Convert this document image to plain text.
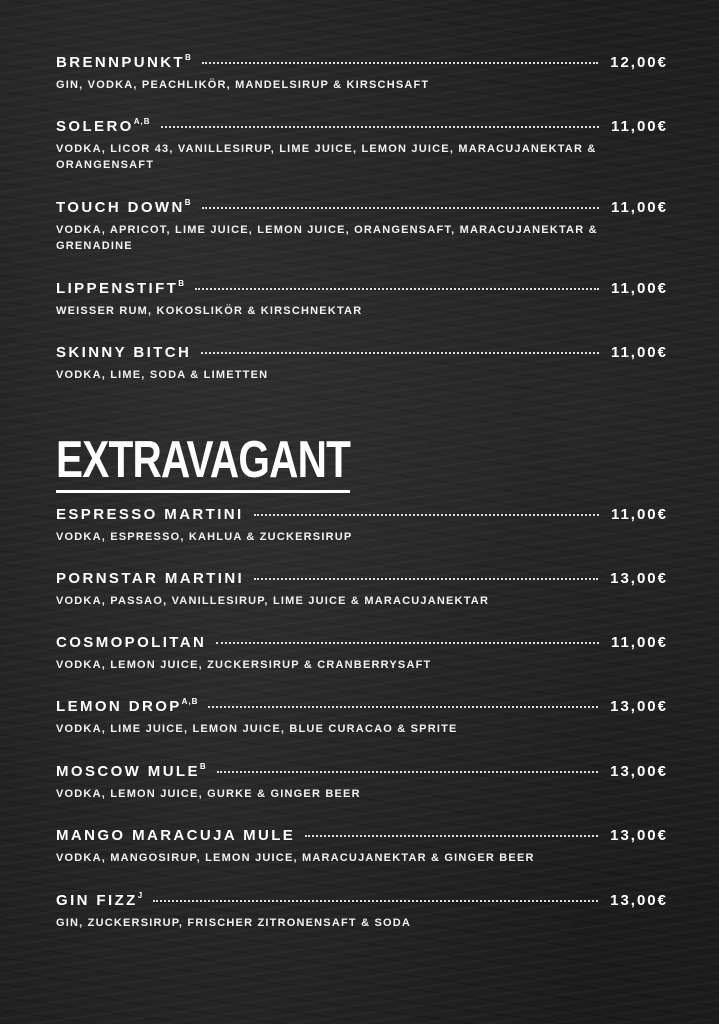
$BRENNPUNKT^B$	12,00€
GIN, VODKA, PEACHLIKÖR, MANDELSIRUP & KIRSCHSAFT
$SOLERO^{A,B}$	11,00€
VODKA, LICOR 43, VANILLESIRUP, LIME JUICE, LEMON JUICE, MARACUJANEKTAR & ORANGENSAFT
TOUCH $DOWN^B$	11,00€
VODKA, APRICOT, LIME JUICE, LEMON JUICE, ORANGENSAFT, MARACUJANEKTAR & GRENADINE
$LIPPENSTIFT^B$	11,00€
WEISSER RUM, KOKOSLIKÖR & KIRSCHNEKTAR
SKINNY BITCH	11,00€
VODKA, LIME, SODA & LIMETTEN
EXTRAVAGANT
ESPRESSO MARTINI	11,00€
VODKA, ESPRESSO, KAHLUA & ZUCKERSIRUP
PORNSTAR MARTINI	13,00€
VODKA, PASSAO, VANILLESIRUP, LIME JUICE & MARACUJANEKTAR
COSMOPOLITAN	11,00€
VODKA, LEMON JUICE, ZUCKERSIRUP & CRANBERRYSAFT
LEMON $DROP^{A,B}$	13,00€
VODKA, LIME JUICE, LEMON JUICE, BLUE CURACAO & SPRITE
MOSCOW $MULE^B$	13,00€
VODKA, LEMON JUICE, GURKE & GINGER BEER
MANGO MARACUJA MULE	13,00€
VODKA, MANGOSIRUP, LEMON JUICE, MARACUJANEKTAR & GINGER BEER
GIN $FIZZ^J$	13,00€
GIN, ZUCKERSIRUP, FRISCHER ZITRONENSAFT & SODA
